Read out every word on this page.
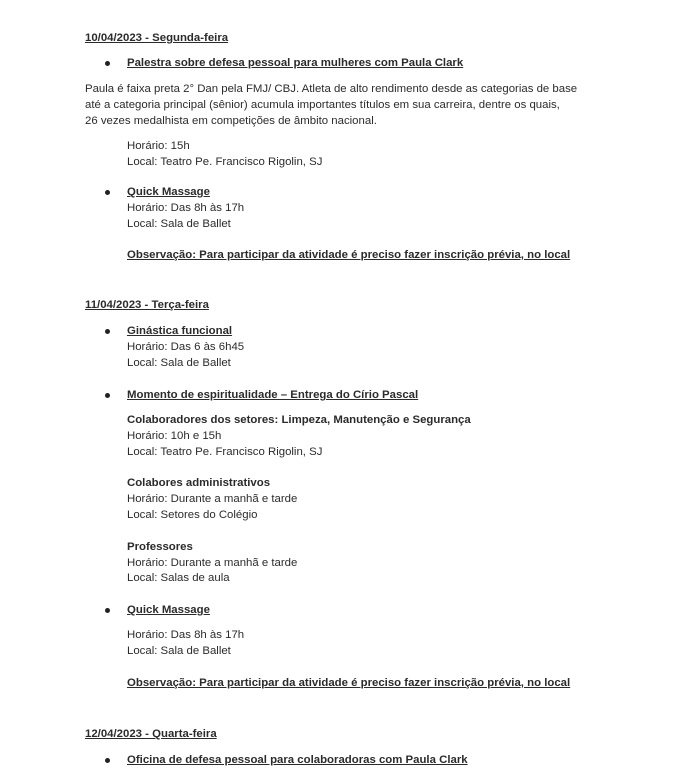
10/04/2023 - Segunda-feira
Palestra sobre defesa pessoal para mulheres com Paula Clark
Paula é faixa preta 2° Dan pela FMJ/ CBJ. Atleta de alto rendimento desde as categorias de base
até a categoria principal (sênior) acumula importantes títulos em sua carreira, dentre os quais,
26 vezes medalhista em competições de âmbito nacional.
Horário: 15h
Local: Teatro Pe. Francisco Rigolin, SJ
Quick Massage
Horário: Das 8h às 17h
Local: Sala de Ballet
Observação: Para participar da atividade é preciso fazer inscrição prévia, no local
11/04/2023 - Terça-feira
Ginástica funcional
Horário: Das 6 às 6h45
Local: Sala de Ballet
Momento de espiritualidade – Entrega do Círio Pascal
Colaboradores dos setores: Limpeza, Manutenção e Segurança
Horário: 10h e 15h
Local: Teatro Pe. Francisco Rigolin, SJ
Colabores administrativos
Horário: Durante a manhã e tarde
Local: Setores do Colégio
Professores
Horário: Durante a manhã e tarde
Local: Salas de aula
Quick Massage
Horário: Das 8h às 17h
Local: Sala de Ballet
Observação: Para participar da atividade é preciso fazer inscrição prévia, no local
12/04/2023 - Quarta-feira
Oficina de defesa pessoal para colaboradoras com Paula Clark
